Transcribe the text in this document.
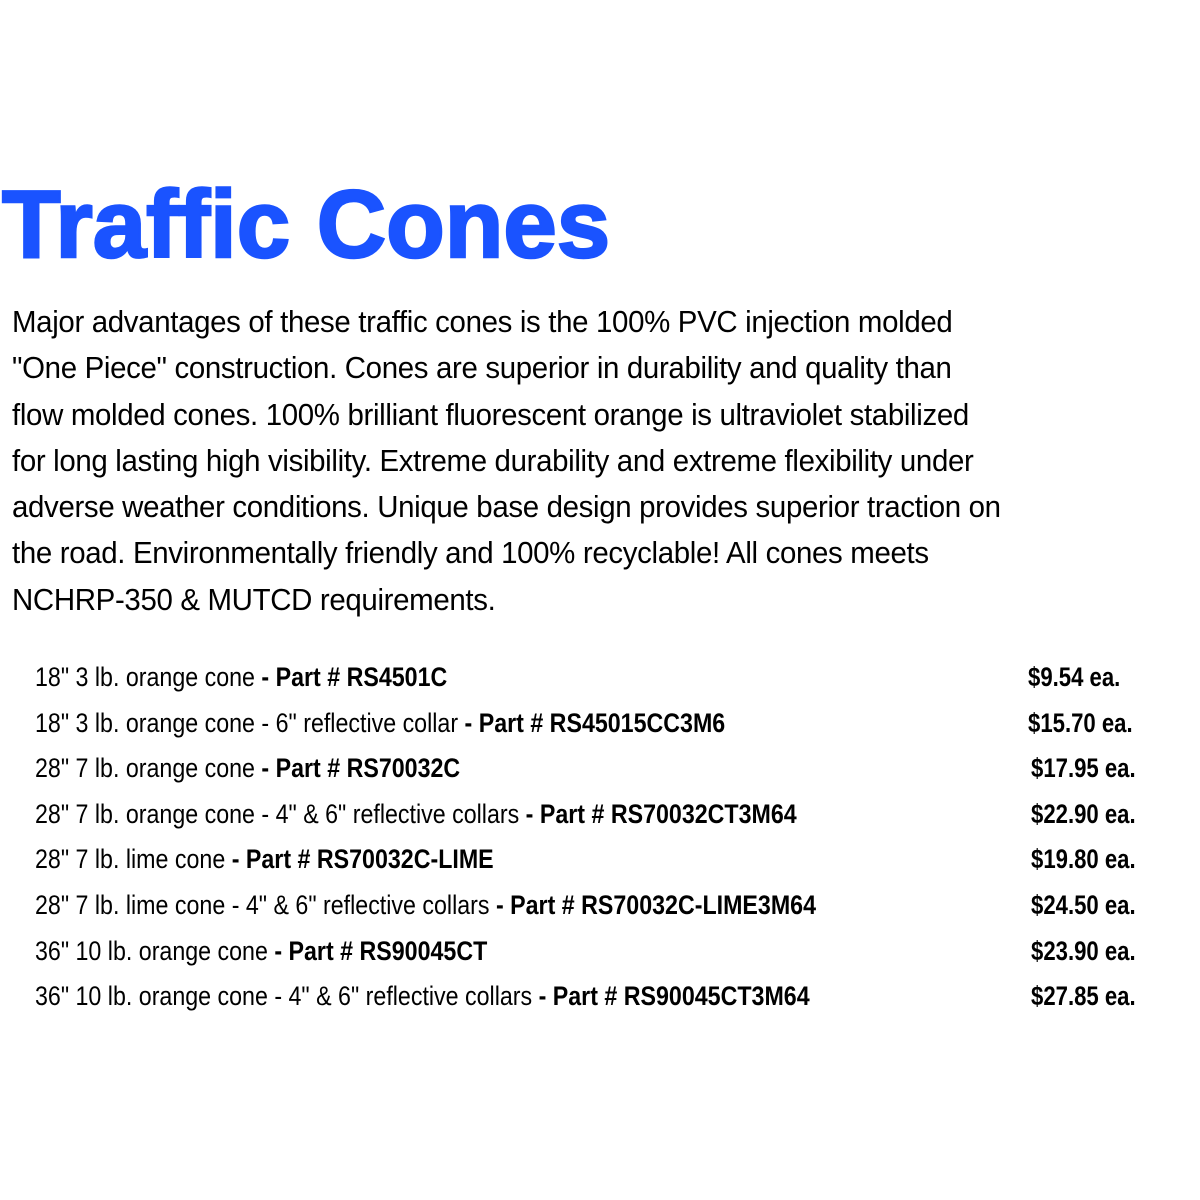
Traffic Cones
Major advantages of these traffic cones is the 100% PVC injection molded
"One Piece" construction. Cones are superior in durability and quality than
flow molded cones. 100% brilliant fluorescent orange is ultraviolet stabilized
for long lasting high visibility. Extreme durability and extreme flexibility under
adverse weather conditions. Unique base design provides superior traction on
the road. Environmentally friendly and 100% recyclable! All cones meets
NCHRP-350 & MUTCD requirements.
18" 3 lb. orange cone - Part # RS4501C	$9.54 ea.
18" 3 lb. orange cone - 6" reflective collar - Part # RS45015CC3M6	$15.70 ea.
28" 7 lb. orange cone - Part # RS70032C	$17.95 ea.
28" 7 lb. orange cone - 4" & 6" reflective collars - Part # RS70032CT3M64	$22.90 ea.
28" 7 lb. lime cone - Part # RS70032C-LIME	$19.80 ea.
28" 7 lb. lime cone - 4" & 6" reflective collars - Part # RS70032C-LIME3M64	$24.50 ea.
36" 10 lb. orange cone - Part # RS90045CT	$23.90 ea.
36" 10 lb. orange cone - 4" & 6" reflective collars - Part # RS90045CT3M64	$27.85 ea.
